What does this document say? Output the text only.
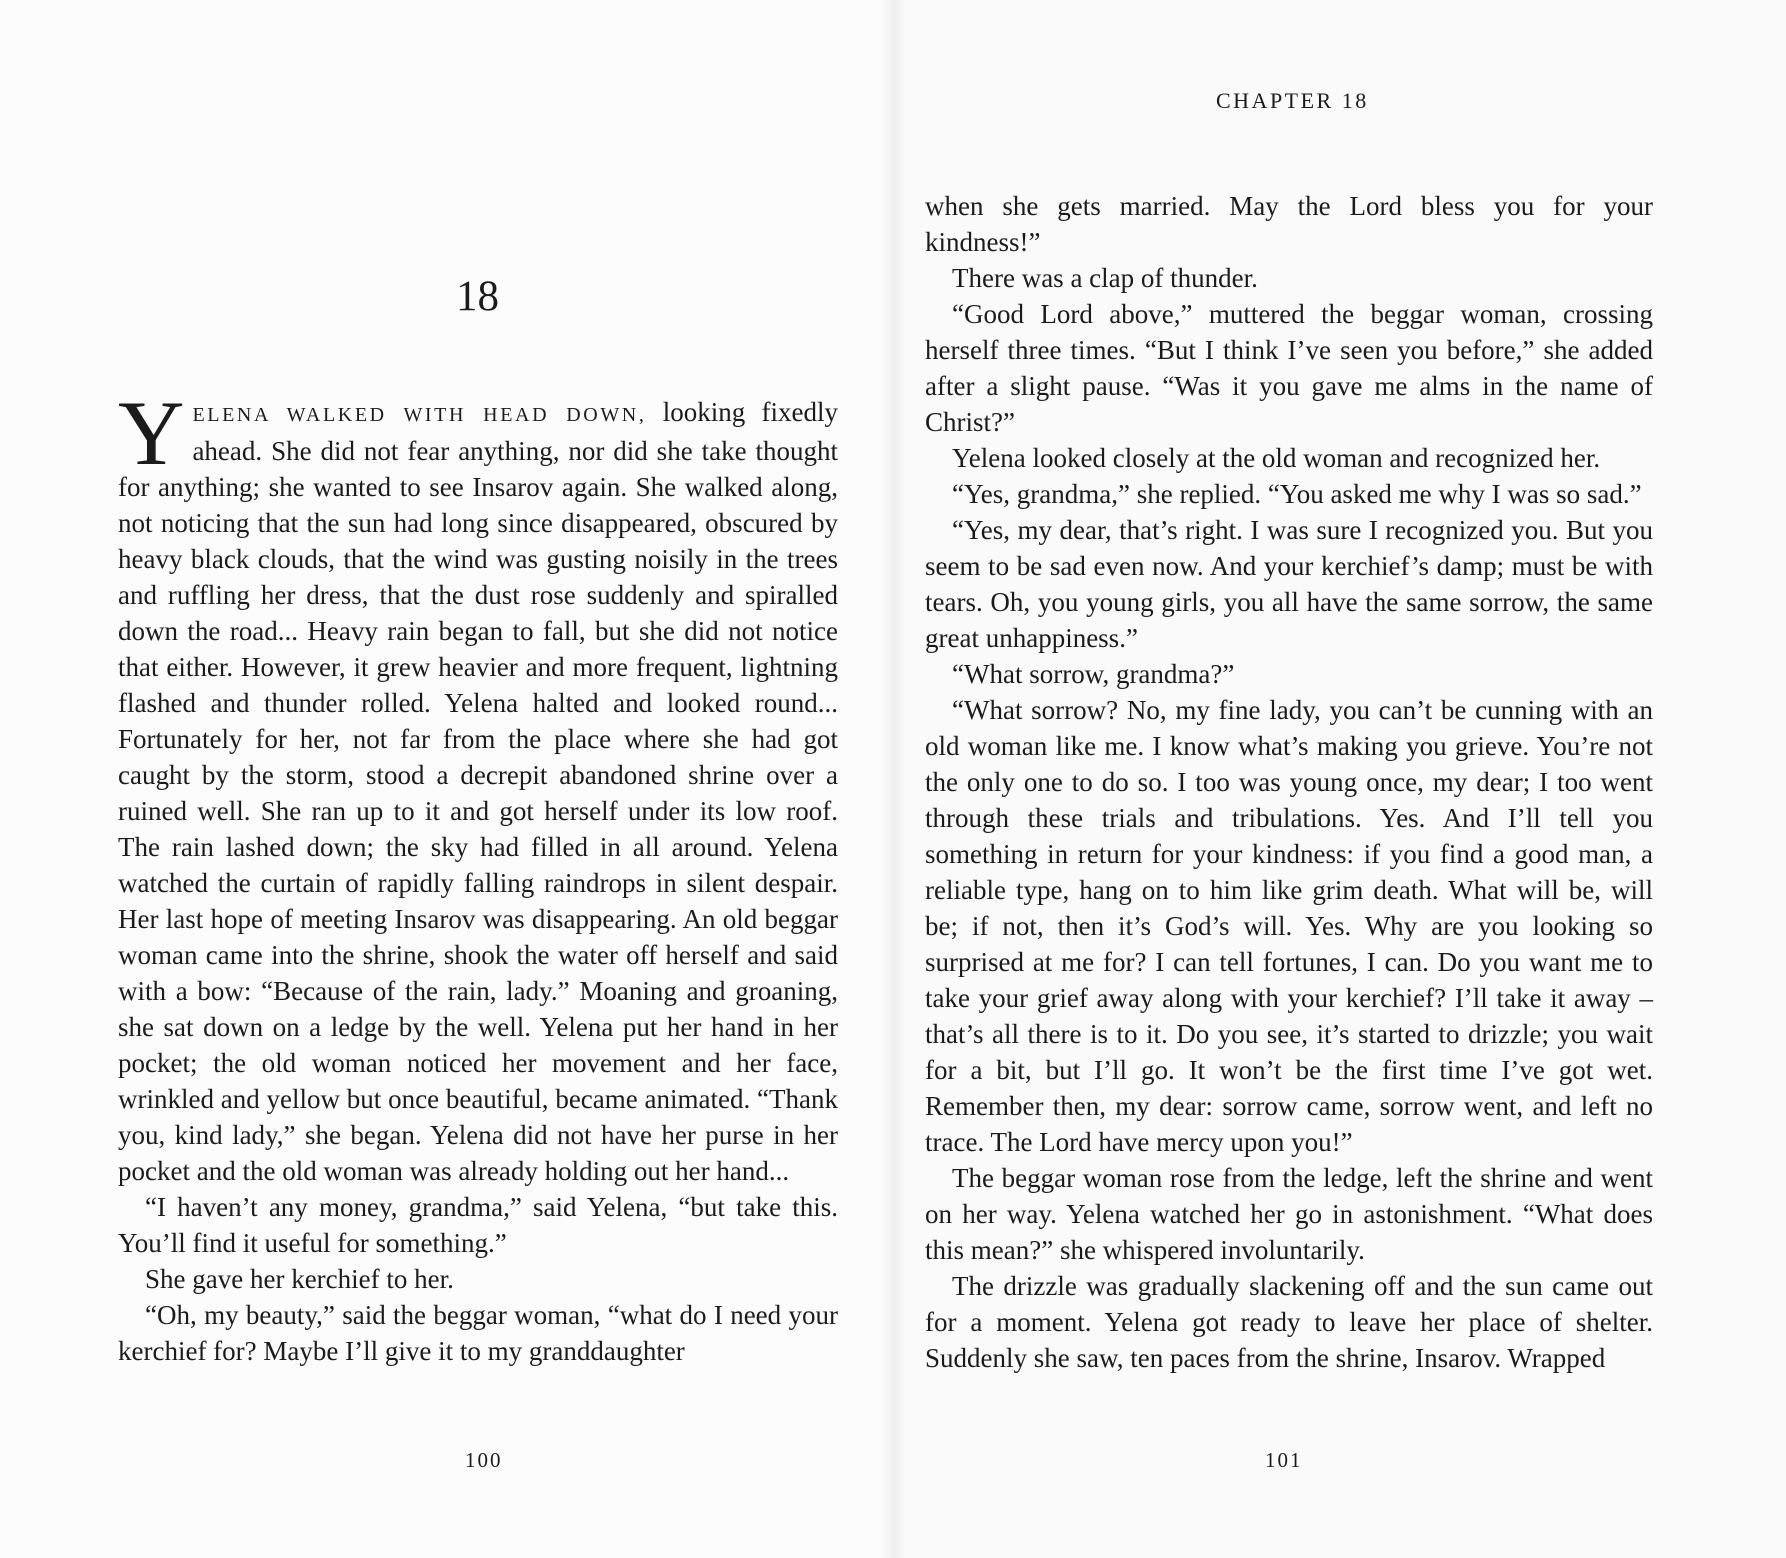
18

YELENA WALKED WITH HEAD DOWN, looking fixedly ahead. She did not fear anything, nor did she take thought for anything; she wanted to see Insarov again. She walked along, not noticing that the sun had long since disappeared, obscured by heavy black clouds, that the wind was gusting noisily in the trees and ruffling her dress, that the dust rose suddenly and spiralled down the road... Heavy rain began to fall, but she did not notice that either. However, it grew heavier and more frequent, lightning flashed and thunder rolled. Yelena halted and looked round... Fortunately for her, not far from the place where she had got caught by the storm, stood a decrepit abandoned shrine over a ruined well. She ran up to it and got herself under its low roof. The rain lashed down; the sky had filled in all around. Yelena watched the curtain of rapidly falling raindrops in silent despair. Her last hope of meeting Insarov was disappearing. An old beggar woman came into the shrine, shook the water off herself and said with a bow: “Because of the rain, lady.” Moaning and groaning, she sat down on a ledge by the well. Yelena put her hand in her pocket; the old woman noticed her movement and her face, wrinkled and yellow but once beautiful, became animated. “Thank you, kind lady,” she began. Yelena did not have her purse in her pocket and the old woman was already holding out her hand...

“I haven’t any money, grandma,” said Yelena, “but take this. You’ll find it useful for something.”

She gave her kerchief to her.

“Oh, my beauty,” said the beggar woman, “what do I need your kerchief for? Maybe I’ll give it to my granddaughter

100

CHAPTER 18

when she gets married. May the Lord bless you for your kindness!”

There was a clap of thunder.

“Good Lord above,” muttered the beggar woman, crossing herself three times. “But I think I’ve seen you before,” she added after a slight pause. “Was it you gave me alms in the name of Christ?”

Yelena looked closely at the old woman and recognized her.

“Yes, grandma,” she replied. “You asked me why I was so sad.”

“Yes, my dear, that’s right. I was sure I recognized you. But you seem to be sad even now. And your kerchief’s damp; must be with tears. Oh, you young girls, you all have the same sorrow, the same great unhappiness.”

“What sorrow, grandma?”

“What sorrow? No, my fine lady, you can’t be cunning with an old woman like me. I know what’s making you grieve. You’re not the only one to do so. I too was young once, my dear; I too went through these trials and tribulations. Yes. And I’ll tell you something in return for your kindness: if you find a good man, a reliable type, hang on to him like grim death. What will be, will be; if not, then it’s God’s will. Yes. Why are you looking so surprised at me for? I can tell fortunes, I can. Do you want me to take your grief away along with your kerchief? I’ll take it away – that’s all there is to it. Do you see, it’s started to drizzle; you wait for a bit, but I’ll go. It won’t be the first time I’ve got wet. Remember then, my dear: sorrow came, sorrow went, and left no trace. The Lord have mercy upon you!”

The beggar woman rose from the ledge, left the shrine and went on her way. Yelena watched her go in astonishment. “What does this mean?” she whispered involuntarily.

The drizzle was gradually slackening off and the sun came out for a moment. Yelena got ready to leave her place of shelter. Suddenly she saw, ten paces from the shrine, Insarov. Wrapped

101
